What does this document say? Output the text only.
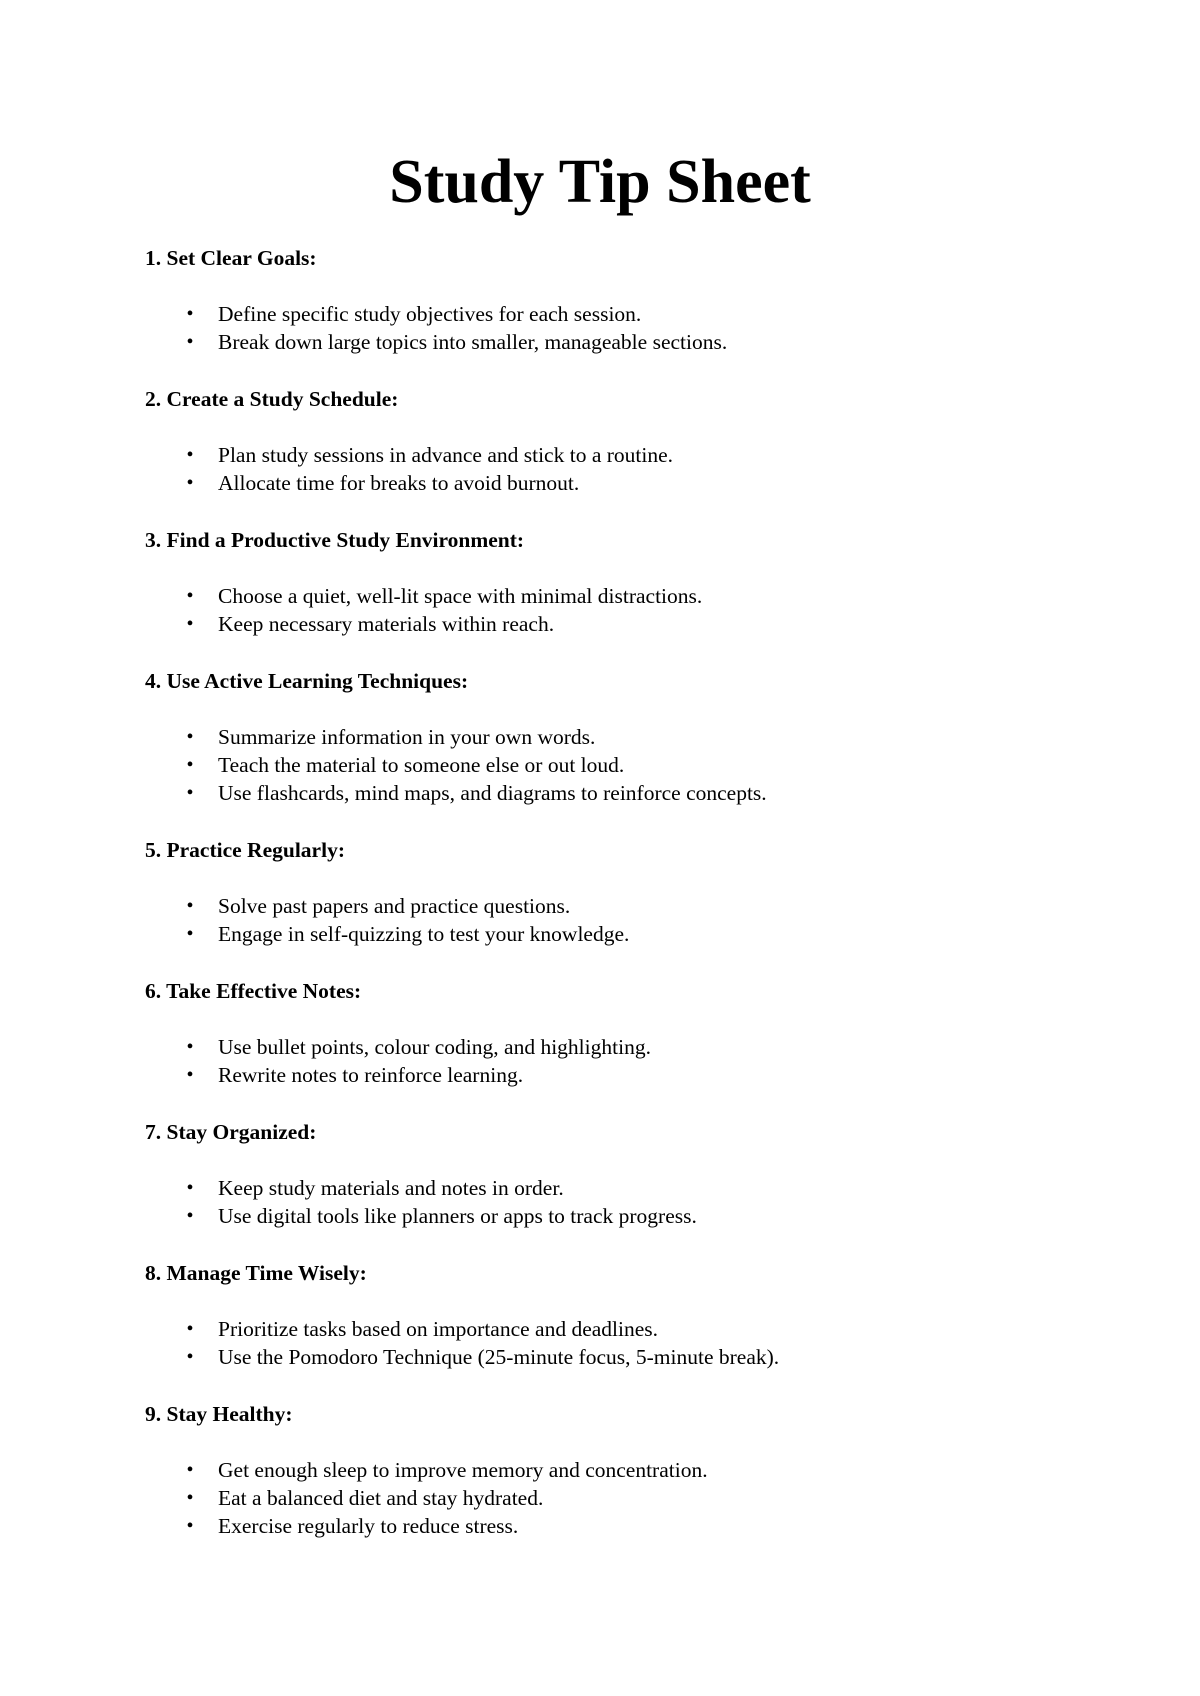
Study Tip Sheet
1. Set Clear Goals:
• Define specific study objectives for each session.
• Break down large topics into smaller, manageable sections.
2. Create a Study Schedule:
• Plan study sessions in advance and stick to a routine.
• Allocate time for breaks to avoid burnout.
3. Find a Productive Study Environment:
• Choose a quiet, well-lit space with minimal distractions.
• Keep necessary materials within reach.
4. Use Active Learning Techniques:
• Summarize information in your own words.
• Teach the material to someone else or out loud.
• Use flashcards, mind maps, and diagrams to reinforce concepts.
5. Practice Regularly:
• Solve past papers and practice questions.
• Engage in self-quizzing to test your knowledge.
6. Take Effective Notes:
• Use bullet points, colour coding, and highlighting.
• Rewrite notes to reinforce learning.
7. Stay Organized:
• Keep study materials and notes in order.
• Use digital tools like planners or apps to track progress.
8. Manage Time Wisely:
• Prioritize tasks based on importance and deadlines.
• Use the Pomodoro Technique (25-minute focus, 5-minute break).
9. Stay Healthy:
• Get enough sleep to improve memory and concentration.
• Eat a balanced diet and stay hydrated.
• Exercise regularly to reduce stress.
